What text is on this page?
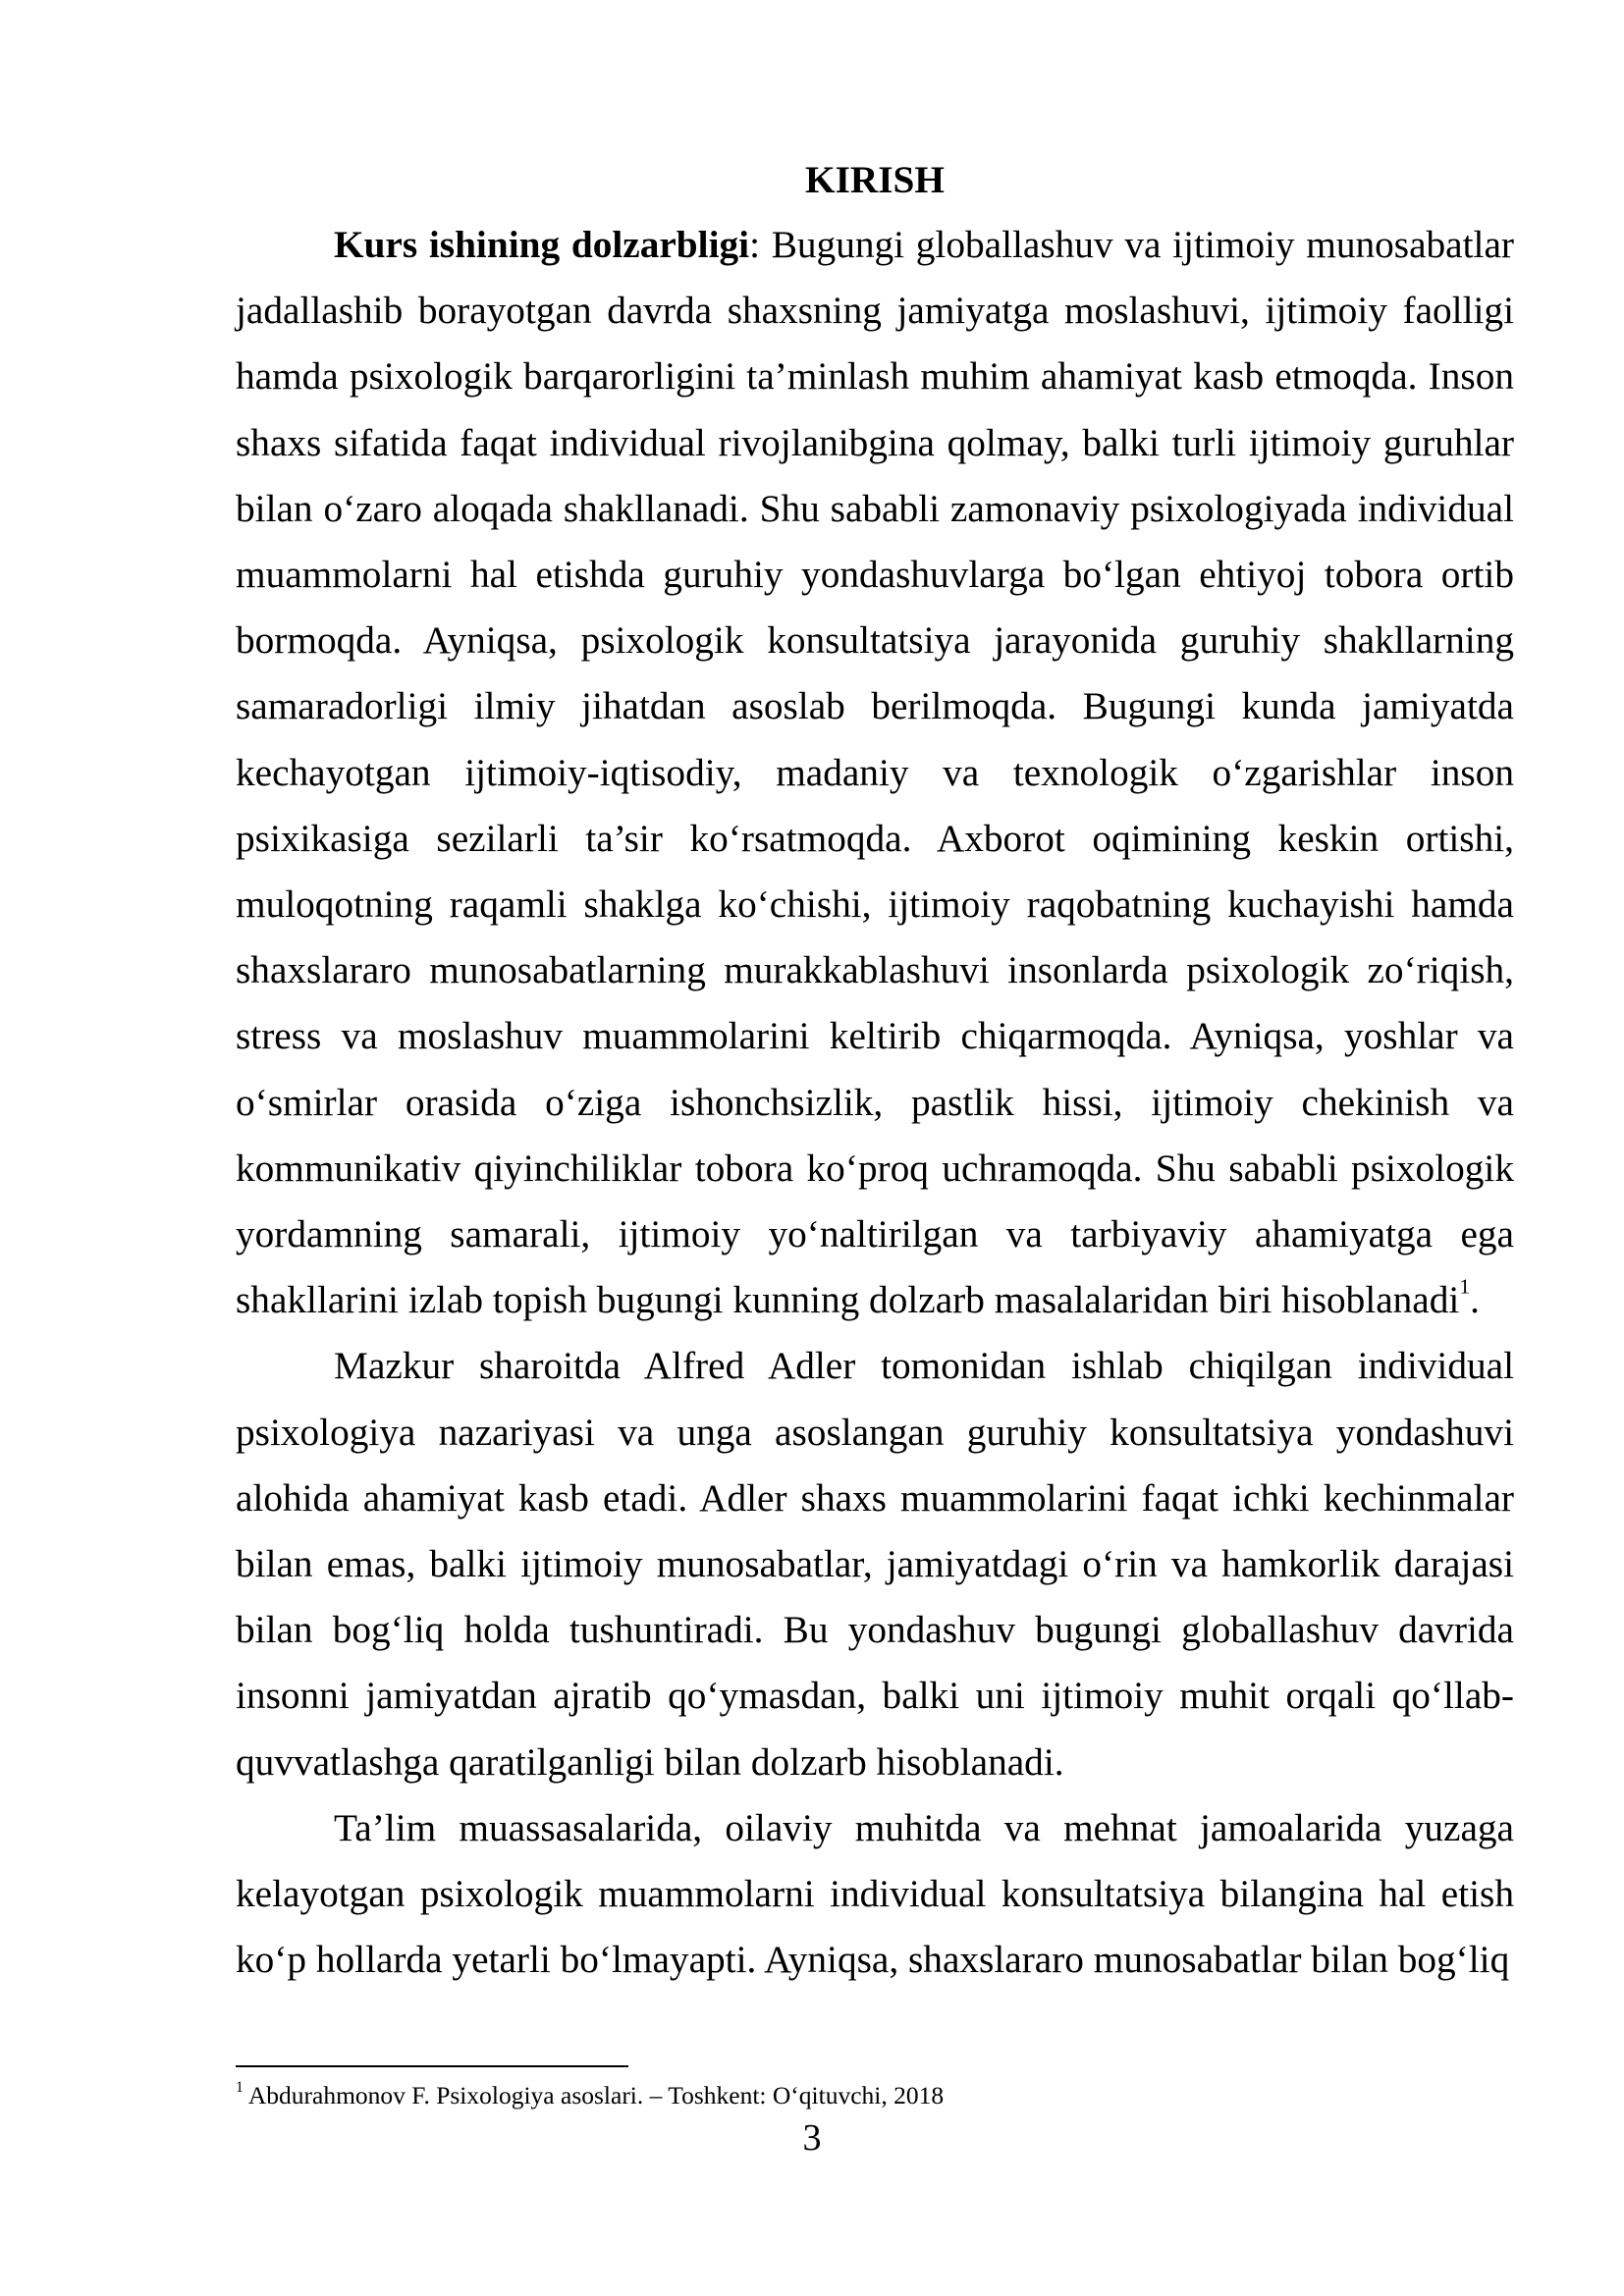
KIRISH

Kurs ishining dolzarbligi: Bugungi globallashuv va ijtimoiy munosabatlar jadallashib borayotgan davrda shaxsning jamiyatga moslashuvi, ijtimoiy faolligi hamda psixologik barqarorligini ta’minlash muhim ahamiyat kasb etmoqda. Inson shaxs sifatida faqat individual rivojlanibgina qolmay, balki turli ijtimoiy guruhlar bilan o‘zaro aloqada shakllanadi. Shu sababli zamonaviy psixologiyada individual muammolarni hal etishda guruhiy yondashuvlarga bo‘lgan ehtiyoj tobora ortib bormoqda. Ayniqsa, psixologik konsultatsiya jarayonida guruhiy shakllarning samaradorligi ilmiy jihatdan asoslab berilmoqda. Bugungi kunda jamiyatda kechayotgan ijtimoiy-iqtisodiy, madaniy va texnologik o‘zgarishlar inson psixikasiga sezilarli ta’sir ko‘rsatmoqda. Axborot oqimining keskin ortishi, muloqotning raqamli shaklga ko‘chishi, ijtimoiy raqobatning kuchayishi hamda shaxslararo munosabatlarning murakkablashuvi insonlarda psixologik zo‘riqish, stress va moslashuv muammolarini keltirib chiqarmoqda. Ayniqsa, yoshlar va o‘smirlar orasida o‘ziga ishonchsizlik, pastlik hissi, ijtimoiy chekinish va kommunikativ qiyinchiliklar tobora ko‘proq uchramoqda. Shu sababli psixologik yordamning samarali, ijtimoiy yo‘naltirilgan va tarbiyaviy ahamiyatga ega shakllarini izlab topish bugungi kunning dolzarb masalalaridan biri hisoblanadi$^1$.

Mazkur sharoitda Alfred Adler tomonidan ishlab chiqilgan individual psixologiya nazariyasi va unga asoslangan guruhiy konsultatsiya yondashuvi alohida ahamiyat kasb etadi. Adler shaxs muammolarini faqat ichki kechinmalar bilan emas, balki ijtimoiy munosabatlar, jamiyatdagi o‘rin va hamkorlik darajasi bilan bog‘liq holda tushuntiradi. Bu yondashuv bugungi globallashuv davrida insonni jamiyatdan ajratib qo‘ymasdan, balki uni ijtimoiy muhit orqali qo‘llab-quvvatlashga qaratilganligi bilan dolzarb hisoblanadi.

Ta’lim muassasalarida, oilaviy muhitda va mehnat jamoalarida yuzaga kelayotgan psixologik muammolarni individual konsultatsiya bilangina hal etish ko‘p hollarda yetarli bo‘lmayapti. Ayniqsa, shaxslararo munosabatlar bilan bog‘liq

$^1$ Abdurahmonov F. Psixologiya asoslari. – Toshkent: O‘qituvchi, 2018
3
